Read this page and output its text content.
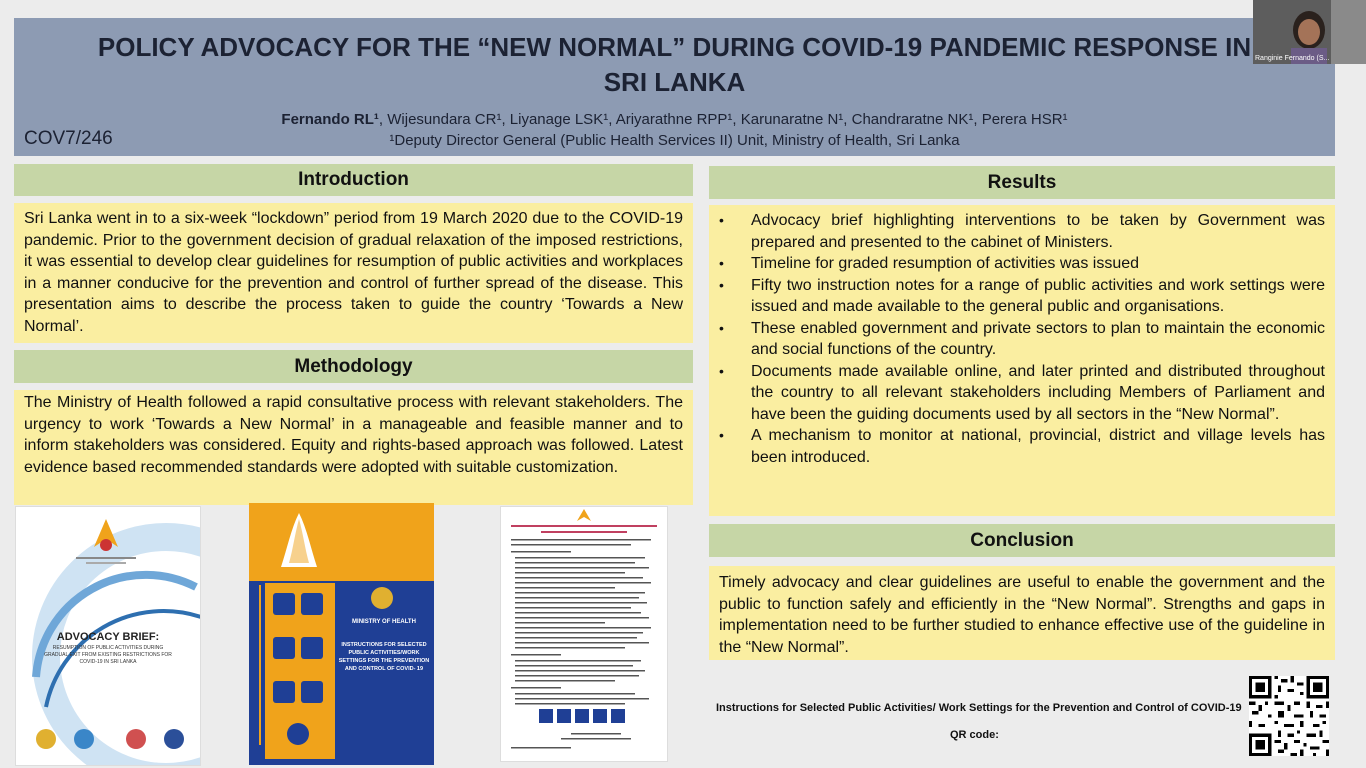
POLICY ADVOCACY FOR THE “NEW NORMAL” DURING COVID-19 PANDEMIC RESPONSE IN
SRI LANKA
Fernando RL¹, Wijesundara CR¹, Liyanage LSK¹, Ariyarathne RPP¹, Karunaratne N¹, Chandraratne NK¹, Perera HSR¹
¹Deputy Director General (Public Health Services II) Unit, Ministry of Health, Sri Lanka
COV7/246
Introduction
Sri Lanka went in to a six-week “lockdown” period from 19 March 2020 due to the COVID-19 pandemic. Prior to the government decision of gradual relaxation of the imposed restrictions, it was essential to develop clear guidelines for resumption of public activities and workplaces in a manner conducive for the prevention and control of further spread of the disease. This presentation aims to describe the process taken to guide the country ‘Towards a New Normal’.
Methodology
The Ministry of Health followed a rapid consultative process with relevant stakeholders. The urgency to work ‘Towards a New Normal’ in a manageable and feasible manner and to inform stakeholders was considered. Equity and rights-based approach was followed. Latest evidence based recommended standards were adopted with suitable customization.
Results
• Advocacy brief highlighting interventions to be taken by Government was prepared and presented to the cabinet of Ministers.
• Timeline for graded resumption of activities was issued
• Fifty two instruction notes for a range of public activities and work settings were issued and made available to the general public and organisations.
• These enabled government and private sectors to plan to maintain the economic and social functions of the country.
• Documents made available online, and later printed and distributed throughout the country to all relevant stakeholders including Members of Parliament and have been the guiding documents used by all sectors in the “New Normal”.
• A mechanism to monitor at national, provincial, district and village levels has been introduced.
Conclusion
Timely advocacy and clear guidelines are useful to enable the government and the public to function safely and efficiently in the “New Normal”. Strengths and gaps in implementation need to be further studied to enhance effective use of the guideline in the “New Normal”.
ADVOCACY BRIEF:
RESUMPTION OF PUBLIC ACTIVITIES DURING GRADUAL EXIT FROM EXISTING RESTRICTIONS FOR COVID-19 IN SRI LANKA
MINISTRY OF HEALTH
INSTRUCTIONS FOR SELECTED PUBLIC ACTIVITIES/WORK SETTINGS FOR THE PREVENTION AND CONTROL OF COVID- 19
Instructions for Selected Public Activities/ Work Settings for the Prevention and Control of COVID-19
QR code:
Ranginie Fernando (S...
